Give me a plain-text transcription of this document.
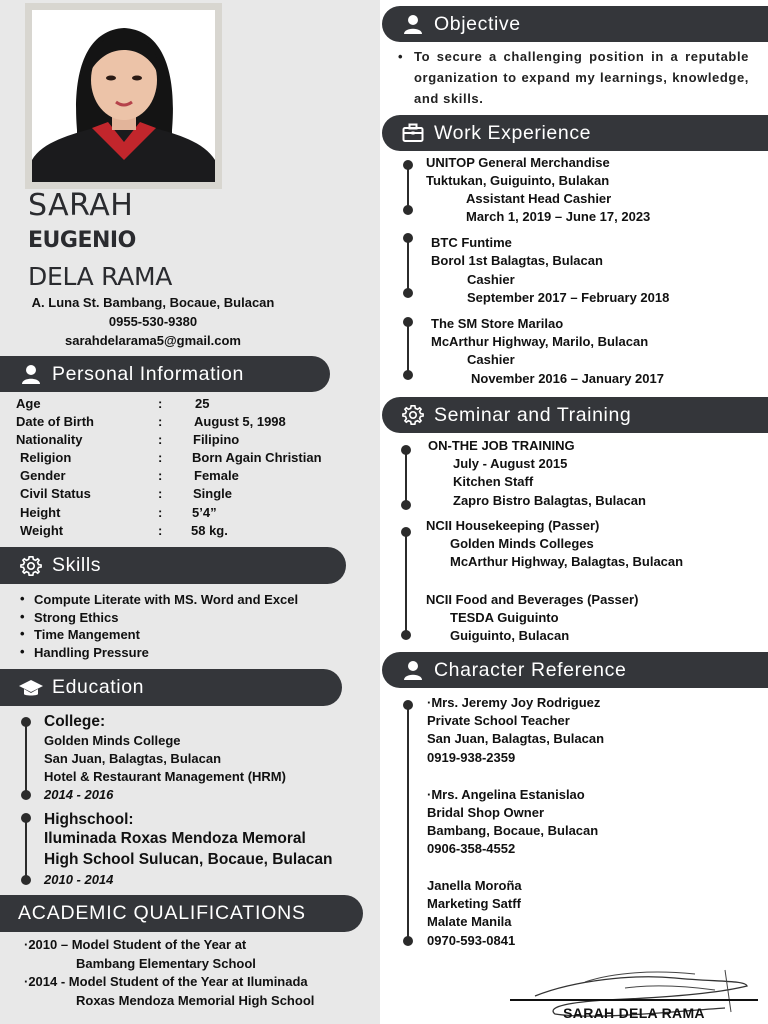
SARAH
EUGENIO
DELA RAMA
A. Luna St. Bambang, Bocaue, Bulacan
0955-530-9380
sarahdelarama5@gmail.com
Personal Information
Age	:	25
Date of Birth	: August 5, 1998
Nationality	: Filipino
Religion	: Born Again Christian
Gender	: Female
Civil Status	: Single
Height	: 5’4”
Weight	: 58 kg.
Skills
• Compute Literate with MS. Word and Excel
• Strong Ethics
• Time Mangement
• Handling Pressure
Education
College:
Golden Minds College
San Juan, Balagtas, Bulacan
Hotel & Restaurant Management (HRM)
2014 - 2016
Highschool:
Iluminada Roxas Mendoza Memoral
High School Sulucan, Bocaue, Bulacan
2010 - 2014
ACADEMIC QUALIFICATIONS
·2010 – Model Student of the Year at
Bambang Elementary School
·2014 - Model Student of the Year at Iluminada
Roxas Mendoza Memorial High School
Objective
• To secure a challenging position in a reputable organization to expand my learnings, knowledge, and skills.
Work Experience
UNITOP General Merchandise
Tuktukan, Guiguinto, Bulakan
Assistant Head Cashier
March 1, 2019 – June 17, 2023
BTC Funtime
Borol 1st Balagtas, Bulacan
Cashier
September 2017 – February 2018
The SM Store Marilao
McArthur Highway, Marilo, Bulacan
Cashier
November 2016 – January 2017
Seminar and Training
ON-THE JOB TRAINING
July - August 2015
Kitchen Staff
Zapro Bistro Balagtas, Bulacan
NCII Housekeeping (Passer)
Golden Minds Colleges
McArthur Highway, Balagtas, Bulacan
NCII Food and Beverages (Passer)
TESDA Guiguinto
Guiguinto, Bulacan
Character Reference
·Mrs. Jeremy Joy Rodriguez
Private School Teacher
San Juan, Balagtas, Bulacan
0919-938-2359
·Mrs. Angelina Estanislao
Bridal Shop Owner
Bambang, Bocaue, Bulacan
0906-358-4552
Janella Moroña
Marketing Satff
Malate Manila
0970-593-0841
SARAH DELA RAMA
